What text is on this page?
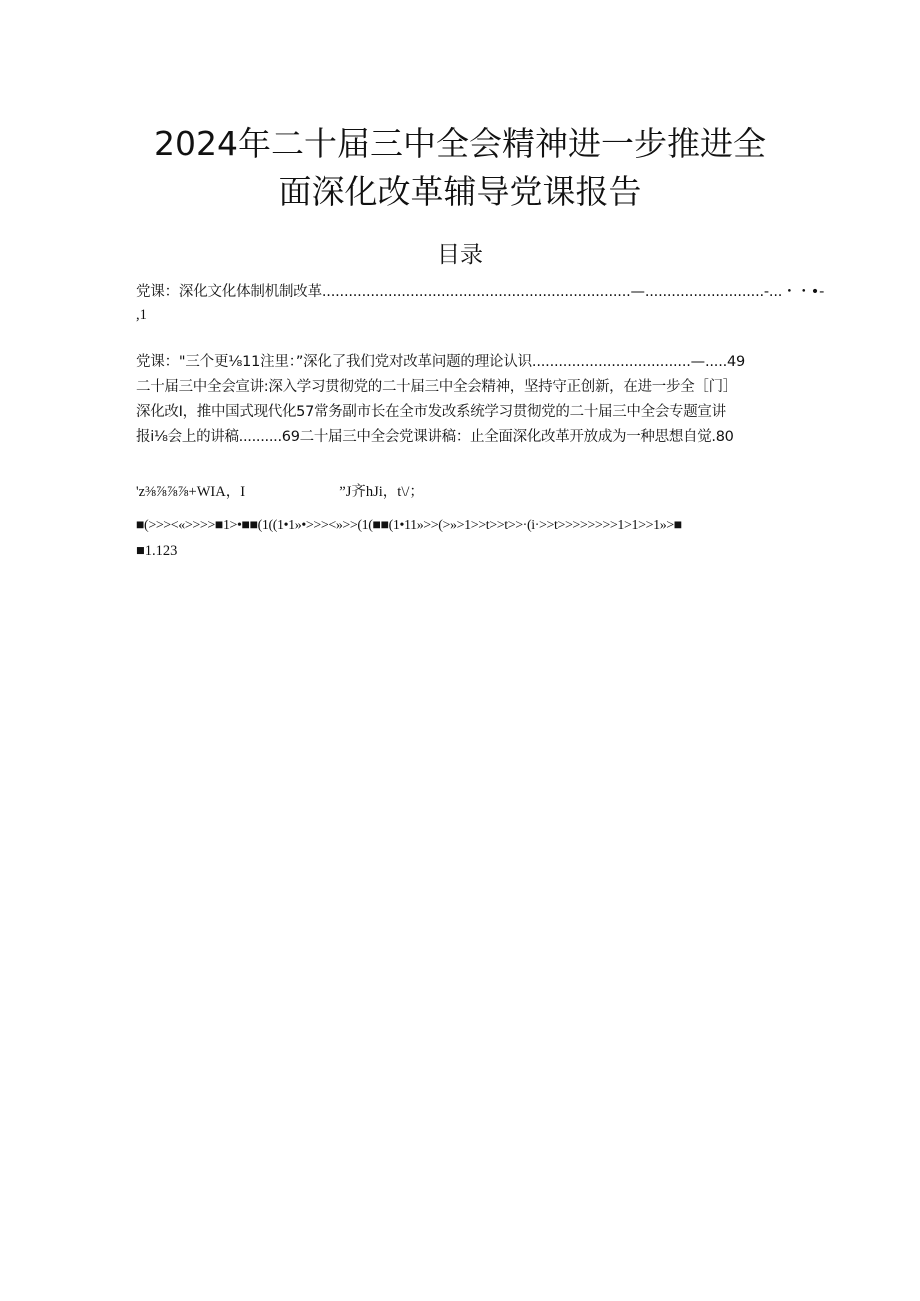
2024年二十届三中全会精神进一步推进全
面深化改革辅导党课报告
目录
党课：深化文化体制机制改革......................................................................—...........................-...・・•-
,1
党课："三个更⅛11注里：”深化了我们党对改革问题的理论认识....................................—.....49
二十届三中全会宣讲:深入学习贯彻党的二十届三中全会精神，坚持守正创新，在进一步全［门］
深化改I，推中国式现代化57常务副市长在全市发改系统学习贯彻党的二十届三中全会专题宣讲
报i⅛会上的讲稿..........69二十届三中全会党课讲稿：止全面深化改革开放成为一种思想自觉.80
'z⅜⅞⅞⅞+WIA，I                          ”J齐hJi，t\/；
■(>>><«>>>>■1>•■■(1((1•1»•>>><»>>(1(■■(1•11»>>(>»>1>>t>>t>>·(i·>>t>>>>>>>>1>1>>1»>■
■1.123
